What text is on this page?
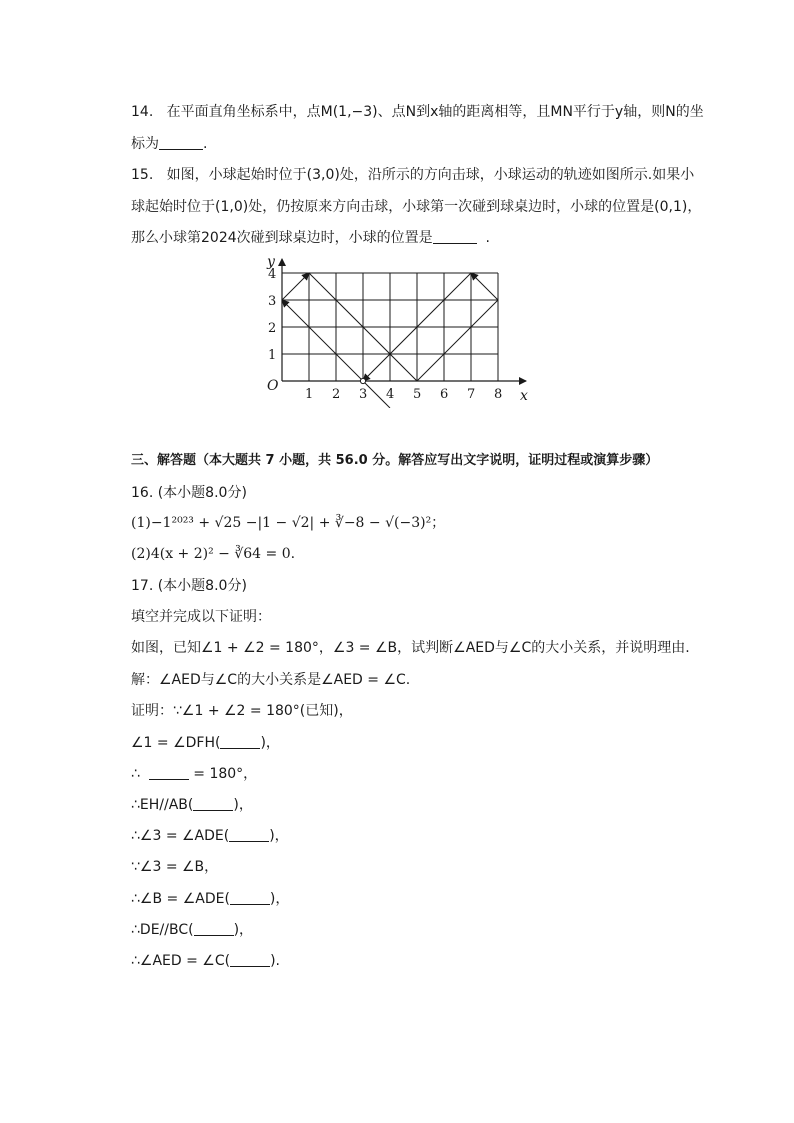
14. 在平面直角坐标系中，点M(1,−3)、点N到x轴的距离相等，且MN平行于y轴，则N的坐
标为	.
15. 如图，小球起始时位于(3,0)处，沿所示的方向击球，小球运动的轨迹如图所示.如果小
球起始时位于(1,0)处，仍按原来方向击球，小球第一次碰到球桌边时，小球的位置是(0,1)，
那么小球第2024次碰到球桌边时，小球的位置是	.
1 2 3 4 5 6 7 8
1
2
3
4
O
x
y
三、解答题（本大题共 7 小题，共 56.0 分。解答应写出文字说明，证明过程或演算步骤）
16. (本小题8.0分)
(1)−1²⁰²³ + √25 −|1 − √2| + ∛−8 − √(−3)²；
(2)4(x + 2)² − ∛64 = 0.
17. (本小题8.0分)
填空并完成以下证明：
如图，已知∠1 + ∠2 = 180°，∠3 = ∠B，试判断∠AED与∠C的大小关系，并说明理由.
解：∠AED与∠C的大小关系是∠AED = ∠C.
证明：∵∠1 + ∠2 = 180°(已知)，
∠1 = ∠DFH(	)，
∴	= 180°，
∴EH//AB(	)，
∴∠3 = ∠ADE(	)，
∵∠3 = ∠B，
∴∠B = ∠ADE(	)，
∴DE//BC(	)，
∴∠AED = ∠C(	).
